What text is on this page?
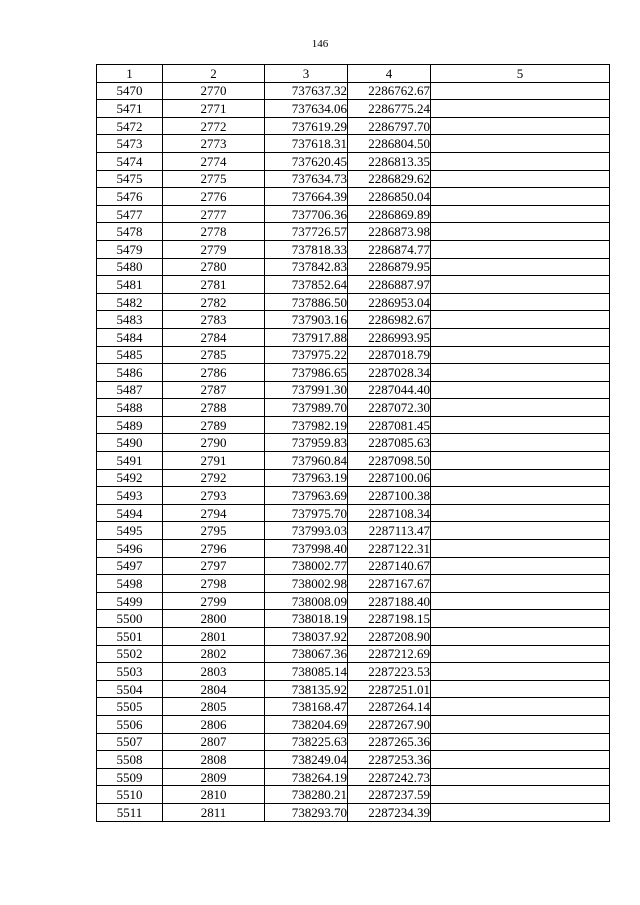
146
1	2	3	4	5
5470	2770	737637.32	2286762.67	
5471	2771	737634.06	2286775.24	
5472	2772	737619.29	2286797.70	
5473	2773	737618.31	2286804.50	
5474	2774	737620.45	2286813.35	
5475	2775	737634.73	2286829.62	
5476	2776	737664.39	2286850.04	
5477	2777	737706.36	2286869.89	
5478	2778	737726.57	2286873.98	
5479	2779	737818.33	2286874.77	
5480	2780	737842.83	2286879.95	
5481	2781	737852.64	2286887.97	
5482	2782	737886.50	2286953.04	
5483	2783	737903.16	2286982.67	
5484	2784	737917.88	2286993.95	
5485	2785	737975.22	2287018.79	
5486	2786	737986.65	2287028.34	
5487	2787	737991.30	2287044.40	
5488	2788	737989.70	2287072.30	
5489	2789	737982.19	2287081.45	
5490	2790	737959.83	2287085.63	
5491	2791	737960.84	2287098.50	
5492	2792	737963.19	2287100.06	
5493	2793	737963.69	2287100.38	
5494	2794	737975.70	2287108.34	
5495	2795	737993.03	2287113.47	
5496	2796	737998.40	2287122.31	
5497	2797	738002.77	2287140.67	
5498	2798	738002.98	2287167.67	
5499	2799	738008.09	2287188.40	
5500	2800	738018.19	2287198.15	
5501	2801	738037.92	2287208.90	
5502	2802	738067.36	2287212.69	
5503	2803	738085.14	2287223.53	
5504	2804	738135.92	2287251.01	
5505	2805	738168.47	2287264.14	
5506	2806	738204.69	2287267.90	
5507	2807	738225.63	2287265.36	
5508	2808	738249.04	2287253.36	
5509	2809	738264.19	2287242.73	
5510	2810	738280.21	2287237.59	
5511	2811	738293.70	2287234.39	
